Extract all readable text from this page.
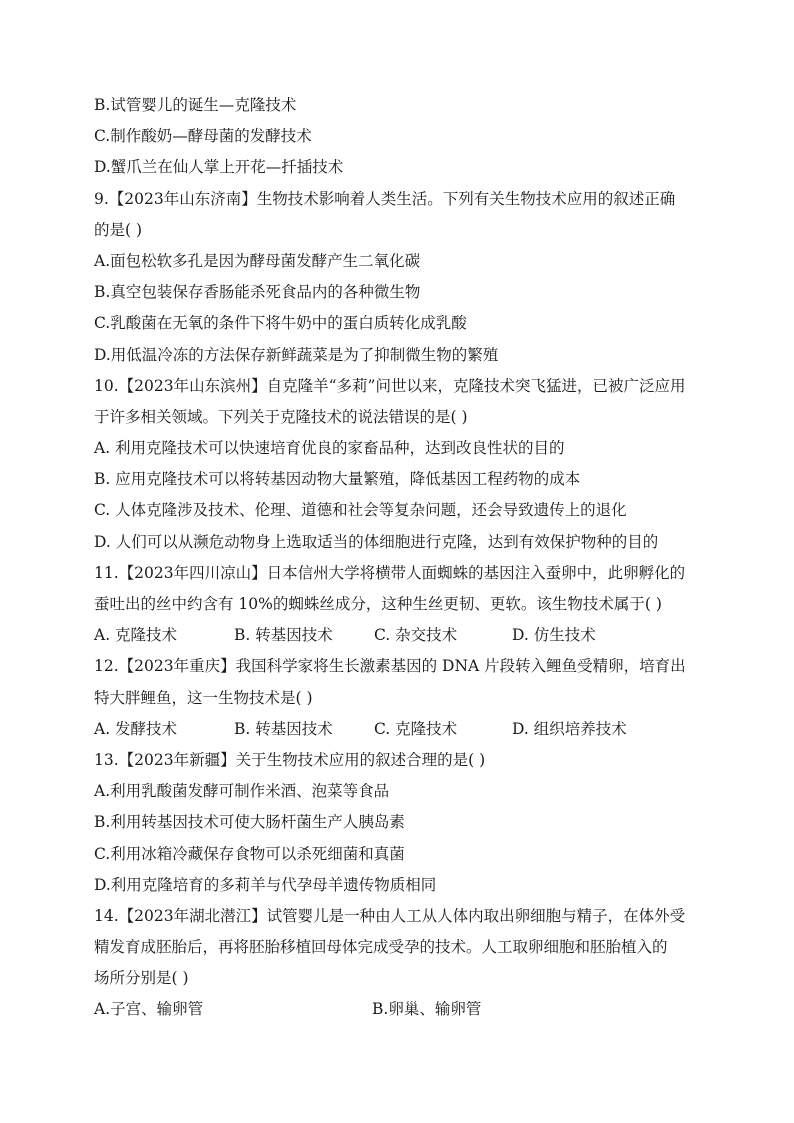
B.试管婴儿的诞生—克隆技术
C.制作酸奶—酵母菌的发酵技术
D.蟹爪兰在仙人掌上开花—扦插技术
9.【2023年山东济南】生物技术影响着人类生活。下列有关生物技术应用的叙述正确
的是( )
A.面包松软多孔是因为酵母菌发酵产生二氧化碳
B.真空包装保存香肠能杀死食品内的各种微生物
C.乳酸菌在无氧的条件下将牛奶中的蛋白质转化成乳酸
D.用低温冷冻的方法保存新鲜蔬菜是为了抑制微生物的繁殖
10.【2023年山东滨州】自克隆羊“多莉”问世以来，克隆技术突飞猛进，已被广泛应用
于许多相关领域。下列关于克隆技术的说法错误的是( )
A. 利用克隆技术可以快速培育优良的家畜品种，达到改良性状的目的
B. 应用克隆技术可以将转基因动物大量繁殖，降低基因工程药物的成本
C. 人体克隆涉及技术、伦理、道德和社会等复杂问题，还会导致遗传上的退化
D. 人们可以从濒危动物身上选取适当的体细胞进行克隆，达到有效保护物种的目的
11.【2023年四川凉山】日本信州大学将横带人面蜘蛛的基因注入蚕卵中，此卵孵化的
蚕吐出的丝中约含有 10%的蜘蛛丝成分，这种生丝更韧、更软。该生物技术属于( )
A. 克隆技术	B. 转基因技术	C. 杂交技术	D. 仿生技术
12.【2023年重庆】我国科学家将生长激素基因的 DNA 片段转入鲤鱼受精卵，培育出
特大胖鲤鱼，这一生物技术是( )
A. 发酵技术	B. 转基因技术	C. 克隆技术	D. 组织培养技术
13.【2023年新疆】关于生物技术应用的叙述合理的是( )
A.利用乳酸菌发酵可制作米酒、泡菜等食品
B.利用转基因技术可使大肠杆菌生产人胰岛素
C.利用冰箱冷藏保存食物可以杀死细菌和真菌
D.利用克隆培育的多莉羊与代孕母羊遗传物质相同
14.【2023年湖北潜江】试管婴儿是一种由人工从人体内取出卵细胞与精子，在体外受
精发育成胚胎后，再将胚胎移植回母体完成受孕的技术。人工取卵细胞和胚胎植入的
场所分别是( )
A.子宫、输卵管	B.卵巢、输卵管
